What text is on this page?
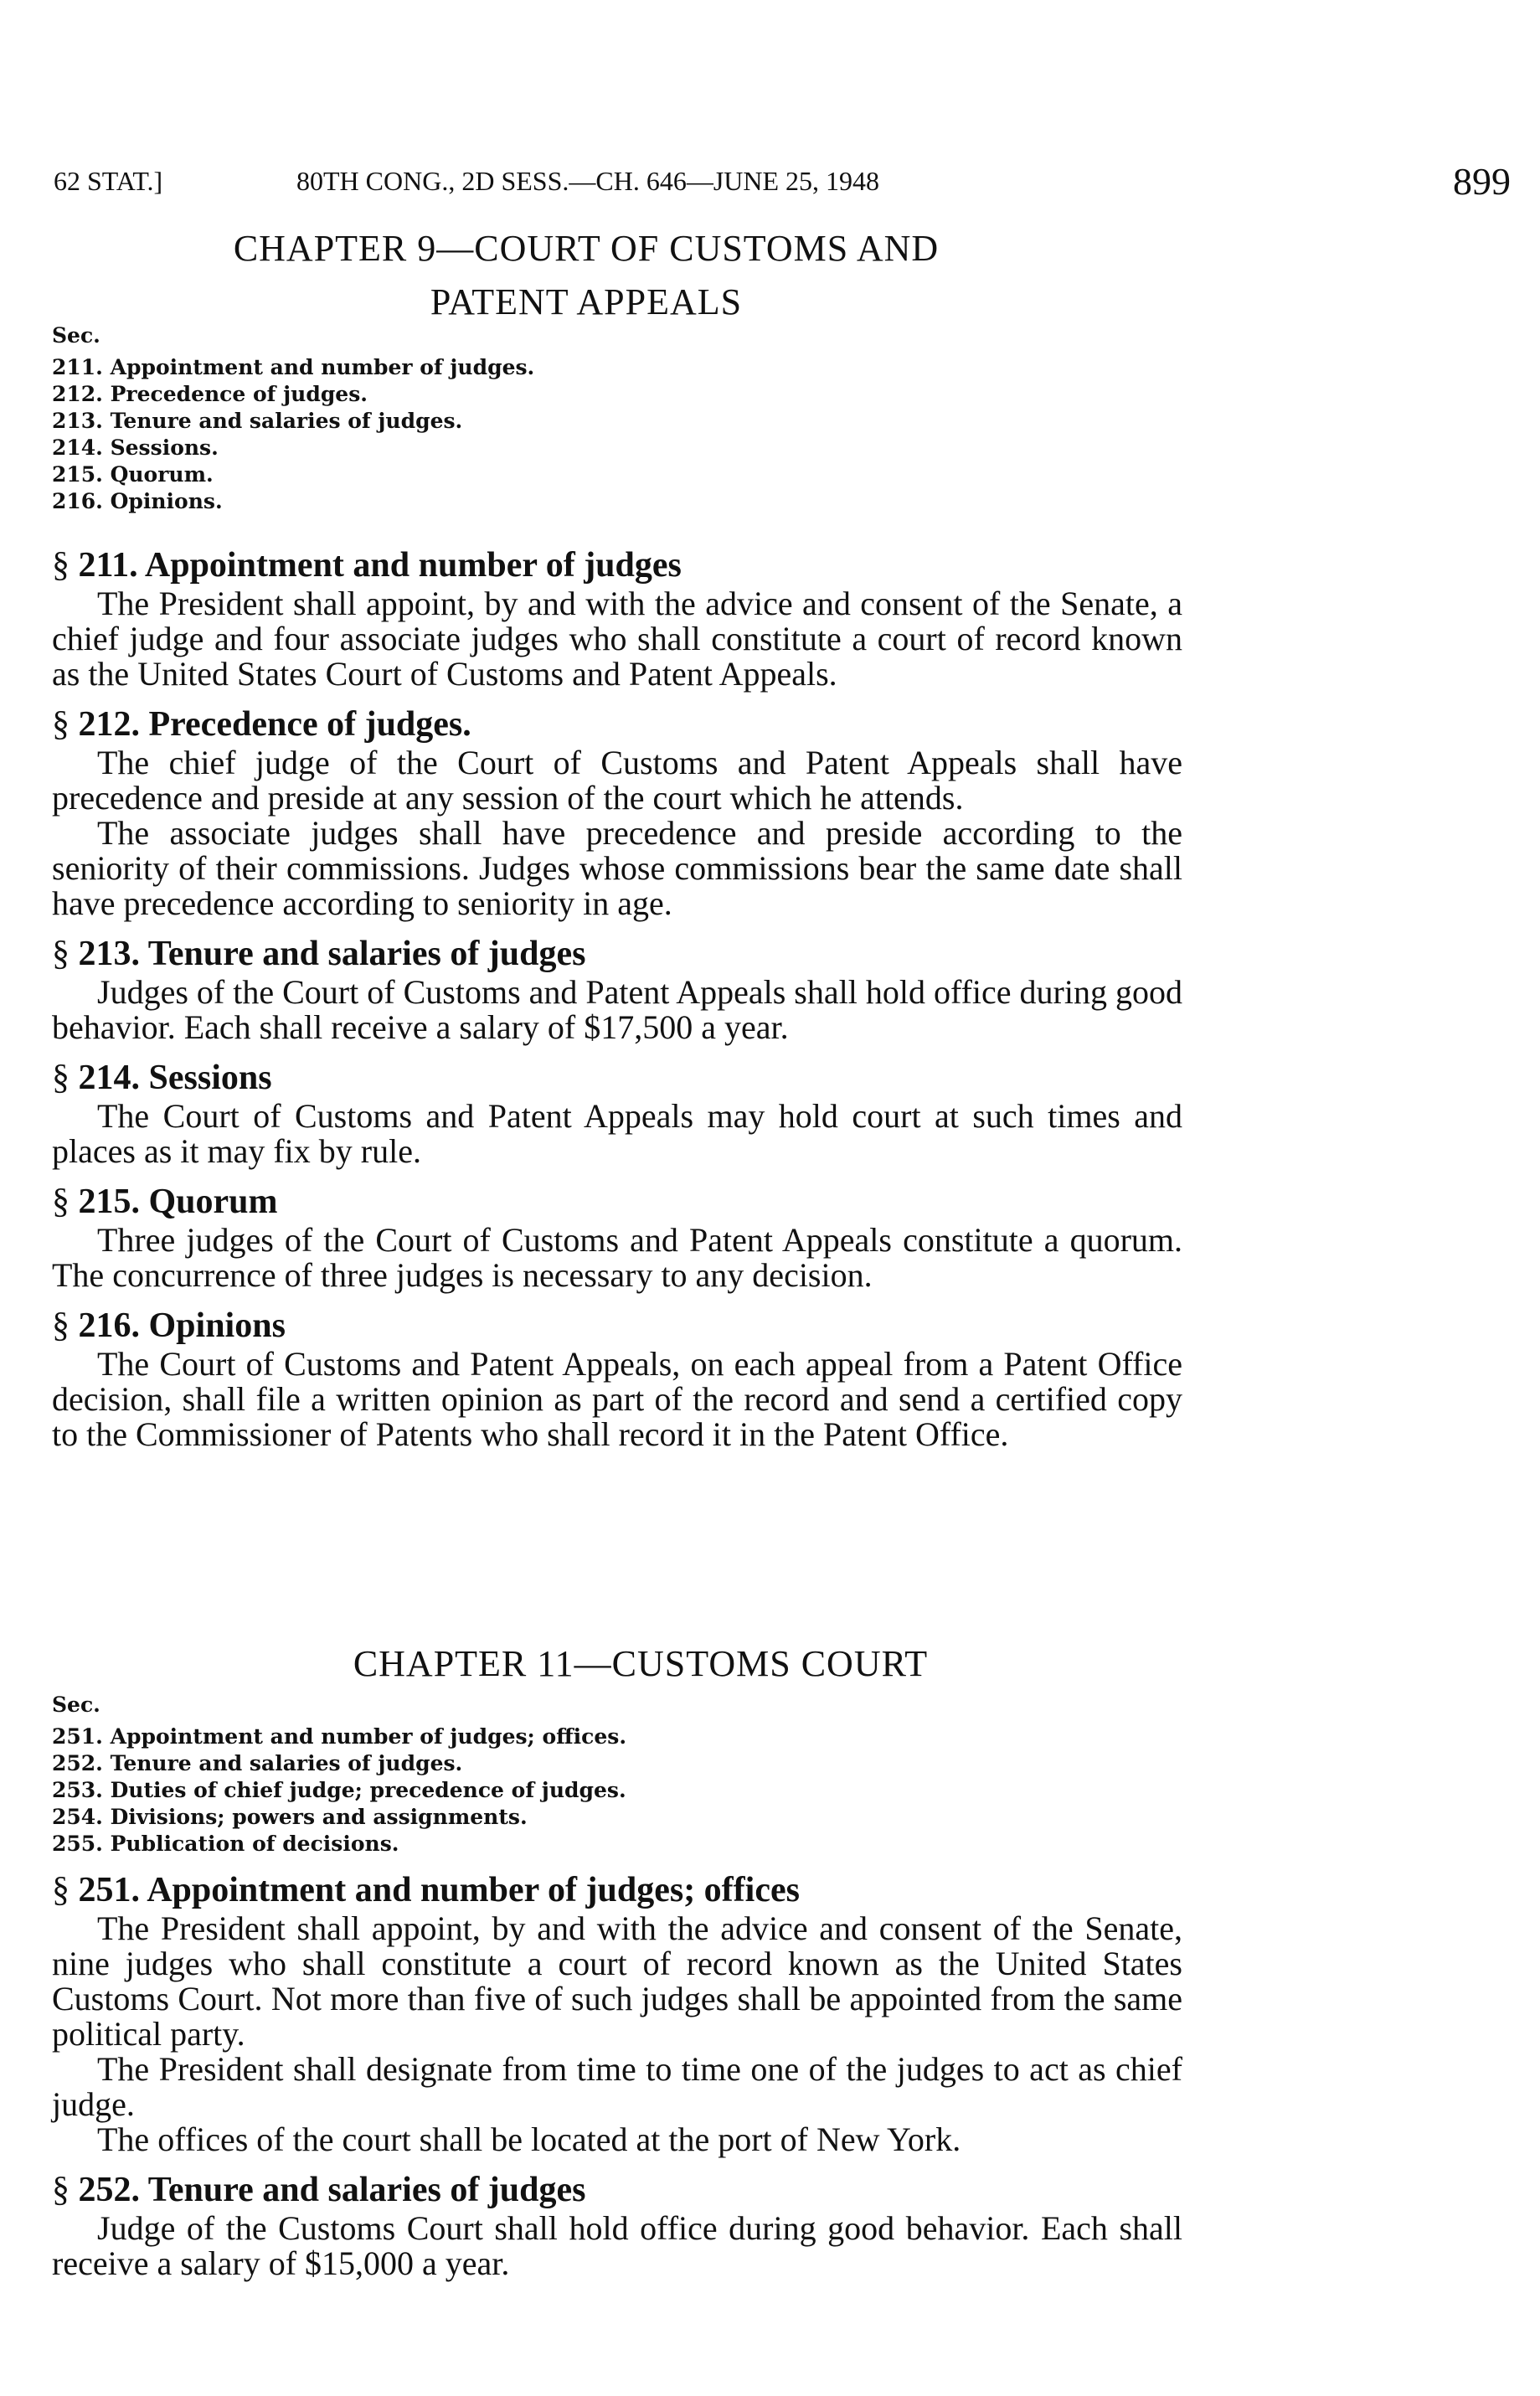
62 STAT.]	80TH CONG., 2D SESS.—CH. 646—JUNE 25, 1948	899
CHAPTER 9—COURT OF CUSTOMS AND
PATENT APPEALS
Sec.
211. Appointment and number of judges.
212. Precedence of judges.
213. Tenure and salaries of judges.
214. Sessions.
215. Quorum.
216. Opinions.

§ 211. Appointment and number of judges

The President shall appoint, by and with the advice and consent of the Senate, a chief judge and four associate judges who shall constitute a court of record known as the United States Court of Customs and Patent Appeals.

§ 212. Precedence of judges.

The chief judge of the Court of Customs and Patent Appeals shall have precedence and preside at any session of the court which he attends.

The associate judges shall have precedence and preside according to the seniority of their commissions. Judges whose commissions bear the same date shall have precedence according to seniority in age.

§ 213. Tenure and salaries of judges

Judges of the Court of Customs and Patent Appeals shall hold office during good behavior. Each shall receive a salary of $17,500 a year.

§ 214. Sessions

The Court of Customs and Patent Appeals may hold court at such times and places as it may fix by rule.

§ 215. Quorum

Three judges of the Court of Customs and Patent Appeals constitute a quorum. The concurrence of three judges is necessary to any decision.

§ 216. Opinions

The Court of Customs and Patent Appeals, on each appeal from a Patent Office decision, shall file a written opinion as part of the record and send a certified copy to the Commissioner of Patents who shall record it in the Patent Office.

CHAPTER 11—CUSTOMS COURT
Sec.
251. Appointment and number of judges; offices.
252. Tenure and salaries of judges.
253. Duties of chief judge; precedence of judges.
254. Divisions; powers and assignments.
255. Publication of decisions.

§ 251. Appointment and number of judges; offices

The President shall appoint, by and with the advice and consent of the Senate, nine judges who shall constitute a court of record known as the United States Customs Court. Not more than five of such judges shall be appointed from the same political party.

The President shall designate from time to time one of the judges to act as chief judge.

The offices of the court shall be located at the port of New York.

§ 252. Tenure and salaries of judges

Judge of the Customs Court shall hold office during good behavior. Each shall receive a salary of $15,000 a year.
